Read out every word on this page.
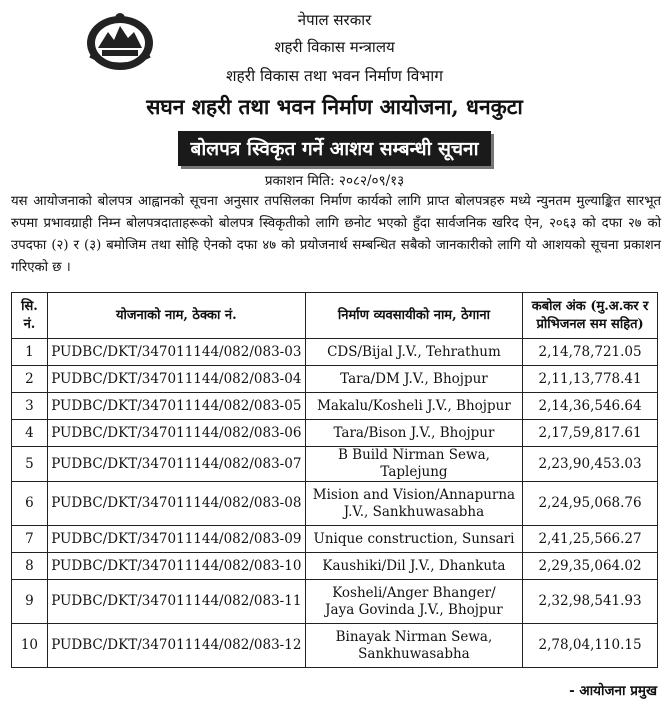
नेपाल सरकार
शहरी विकास मन्त्रालय
शहरी विकास तथा भवन निर्माण विभाग
सघन शहरी तथा भवन निर्माण आयोजना, धनकुटा
बोलपत्र स्विकृत गर्ने आशय सम्बन्धी सूचना
प्रकाशन मिति: २०८२/०९/१३

यस आयोजनाको बोलपत्र आह्वानको सूचना अनुसार तपसिलका निर्माण कार्यको लागि प्राप्त बोलपत्रहरु मध्ये न्युनतम मुल्याङ्कित सारभूत रुपमा प्रभावग्राही निम्न बोलपत्रदाताहरूको बोलपत्र स्विकृतीको लागि छनोट भएको हुँदा सार्वजनिक खरिद ऐन, २०६३ को दफा २७ को उपदफा (२) र (३) बमोजिम तथा सोहि ऐनको दफा ४७ को प्रयोजनार्थ सम्बन्धित सबैको जानकारीको लागि यो आशयको सूचना प्रकाशन गरिएको छ ।

सि.
नं.	योजनाको नाम, ठेक्का नं.	निर्माण व्यवसायीको नाम, ठेगाना	कबोल अंक (मु.अ.कर र
प्रोभिजनल सम सहित)
1	PUDBC/DKT/347011144/082/083-03	CDS/Bijal J.V., Tehrathum	2,14,78,721.05
2	PUDBC/DKT/347011144/082/083-04	Tara/DM J.V., Bhojpur	2,11,13,778.41
3	PUDBC/DKT/347011144/082/083-05	Makalu/Kosheli J.V., Bhojpur	2,14,36,546.64
4	PUDBC/DKT/347011144/082/083-06	Tara/Bison J.V., Bhojpur	2,17,59,817.61
5	PUDBC/DKT/347011144/082/083-07	B Build Nirman Sewa, Taplejung	2,23,90,453.03
6	PUDBC/DKT/347011144/082/083-08	Mision and Vision/Annapurna
J.V., Sankhuwasabha	2,24,95,068.76
7	PUDBC/DKT/347011144/082/083-09	Unique construction, Sunsari	2,41,25,566.27
8	PUDBC/DKT/347011144/082/083-10	Kaushiki/Dil J.V., Dhankuta	2,29,35,064.02
9	PUDBC/DKT/347011144/082/083-11	Kosheli/Anger Bhanger/
Jaya Govinda J.V., Bhojpur	2,32,98,541.93
10	PUDBC/DKT/347011144/082/083-12	Binayak Nirman Sewa,
Sankhuwasabha	2,78,04,110.15
- आयोजना प्रमुख
